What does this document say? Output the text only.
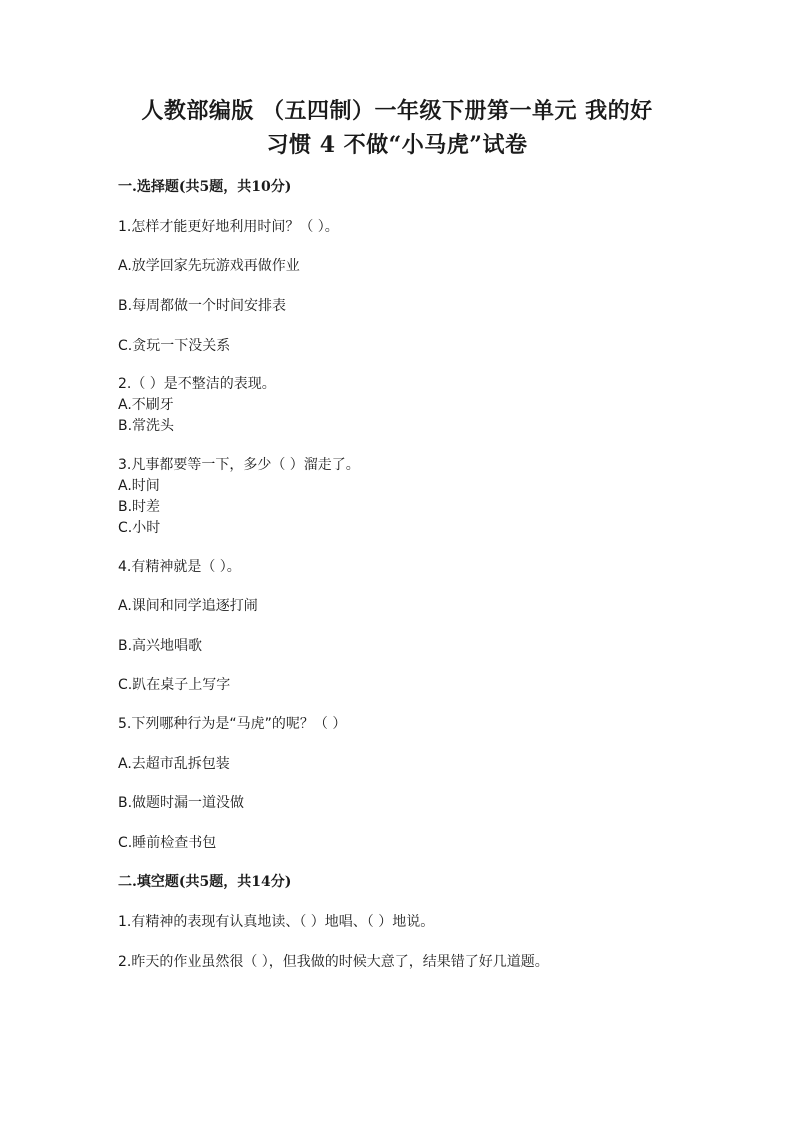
人教部编版 （五四制）一年级下册第一单元 我的好
习惯 4 不做“小马虎”试卷
一.选择题(共5题，共10分)
1.怎样才能更好地利用时间？（ ）。
A.放学回家先玩游戏再做作业
B.每周都做一个时间安排表
C.贪玩一下没关系
2.（ ）是不整洁的表现。
A.不刷牙
B.常洗头
3.凡事都要等一下，多少（ ）溜走了。
A.时间
B.时差
C.小时
4.有精神就是（ ）。
A.课间和同学追逐打闹
B.高兴地唱歌
C.趴在桌子上写字
5.下列哪种行为是“马虎”的呢？（ ）
A.去超市乱拆包装
B.做题时漏一道没做
C.睡前检查书包
二.填空题(共5题，共14分)
1.有精神的表现有认真地读、（ ）地唱、（ ）地说。
2.昨天的作业虽然很（ ），但我做的时候大意了，结果错了好几道题。
